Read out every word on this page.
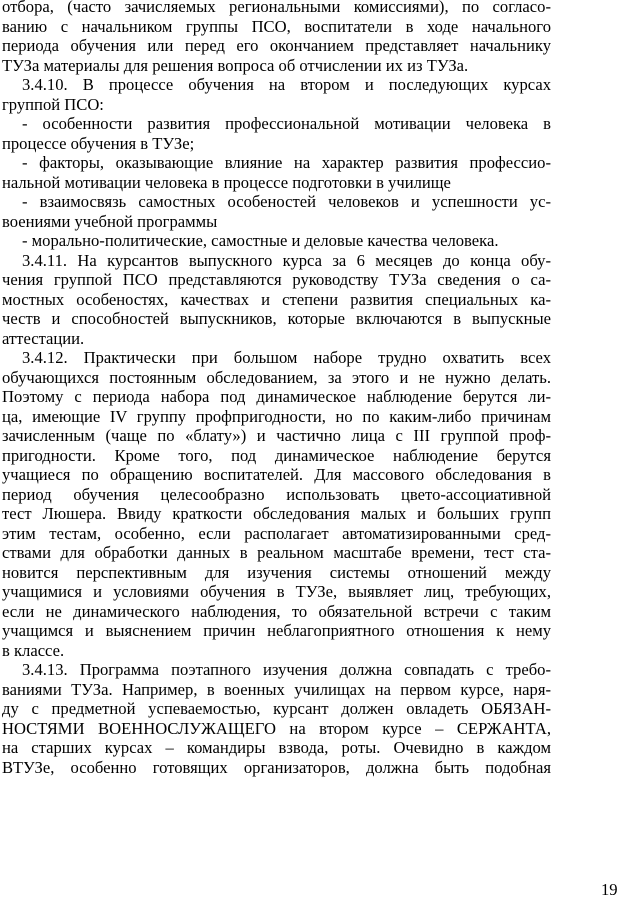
отбора, (часто зачисляемых региональными комиссиями), по согласо-
ванию с начальником группы ПСО, воспитатели в ходе начального
периода обучения или перед его окончанием представляет начальнику
ТУЗа материалы для решения вопроса об отчислении их из ТУЗа.
3.4.10. В процессе обучения на втором и последующих курсах
группой ПСО:
- особенности развития профессиональной мотивации человека в
процессе обучения в ТУЗе;
- факторы, оказывающие влияние на характер развития профессио-
нальной мотивации человека в процессе подготовки в училище
- взаимосвязь самостных особеностей человеков и успешности ус-
воениями учебной программы
- морально-политические, самостные и деловые качества человека.
3.4.11. На курсантов выпускного курса за 6 месяцев до конца обу-
чения группой ПСО представляются руководству ТУЗа сведения о са-
мостных особеностях, качествах и степени развития специальных ка-
честв и способностей выпускников, которые включаются в выпускные
аттестации.
3.4.12. Практически при большом наборе трудно охватить всех
обучающихся постоянным обследованием, за этого и не нужно делать.
Поэтому с периода набора под динамическое наблюдение берутся ли-
ца, имеющие IV группу профпригодности, но по каким-либо причинам
зачисленным (чаще по «блату») и частично лица с III группой проф-
пригодности. Кроме того, под динамическое наблюдение берутся
учащиеся по обращению воспитателей. Для массового обследования в
период обучения целесообразно использовать цвето-ассоциативной
тест Люшера. Ввиду краткости обследования малых и больших групп
этим тестам, особенно, если располагает автоматизированными сред-
ствами для обработки данных в реальном масштабе времени, тест ста-
новится перспективным для изучения системы отношений между
учащимися и условиями обучения в ТУЗе, выявляет лиц, требующих,
если не динамического наблюдения, то обязательной встречи с таким
учащимся и выяснением причин неблагоприятного отношения к нему
в классе.
3.4.13. Программа поэтапного изучения должна совпадать с требо-
ваниями ТУЗа. Например, в военных училищах на первом курсе, наря-
ду с предметной успеваемостью, курсант должен овладеть ОБЯЗАН-
НОСТЯМИ ВОЕННОСЛУЖАЩЕГО на втором курсе – СЕРЖАНТА,
на старших курсах – командиры взвода, роты. Очевидно в каждом
ВТУЗе, особенно готовящих организаторов, должна быть подобная
19
